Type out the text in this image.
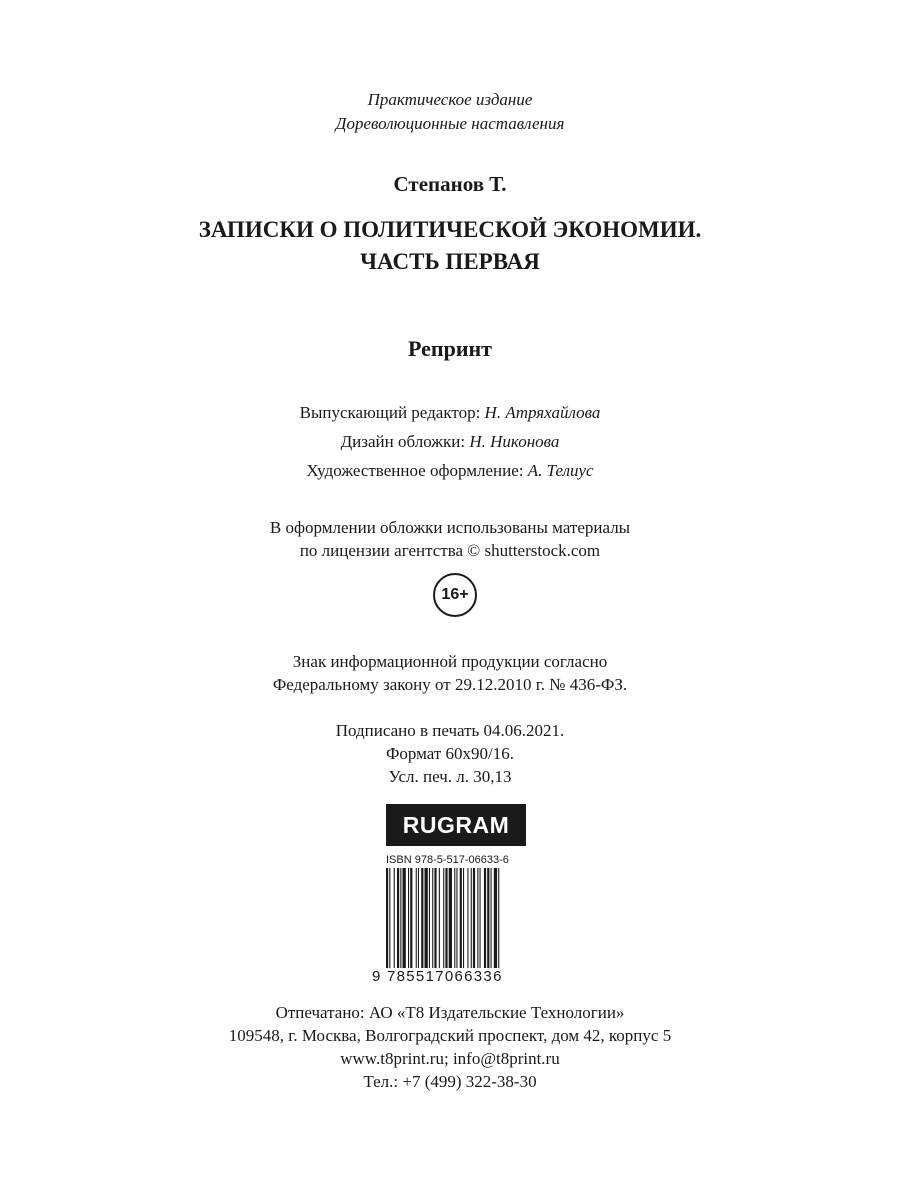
Практическое издание
Дореволюционные наставления
Степанов Т.
ЗАПИСКИ О ПОЛИТИЧЕСКОЙ ЭКОНОМИИ.
ЧАСТЬ ПЕРВАЯ
Репринт
Выпускающий редактор: Н. Атряхайлова
Дизайн обложки: Н. Никонова
Художественное оформление: А. Телиус
В оформлении обложки использованы материалы
по лицензии агентства © shutterstock.com
16+
Знак информационной продукции согласно
Федеральному закону от 29.12.2010 г. № 436-ФЗ.
Подписано в печать 04.06.2021.
Формат 60x90/16.
Усл. печ. л. 30,13
RUGRAM
ISBN 978-5-517-06633-6
9 785517066336
Отпечатано: АО «Т8 Издательские Технологии»
109548, г. Москва, Волгоградский проспект, дом 42, корпус 5
www.t8print.ru; info@t8print.ru
Тел.: +7 (499) 322-38-30
